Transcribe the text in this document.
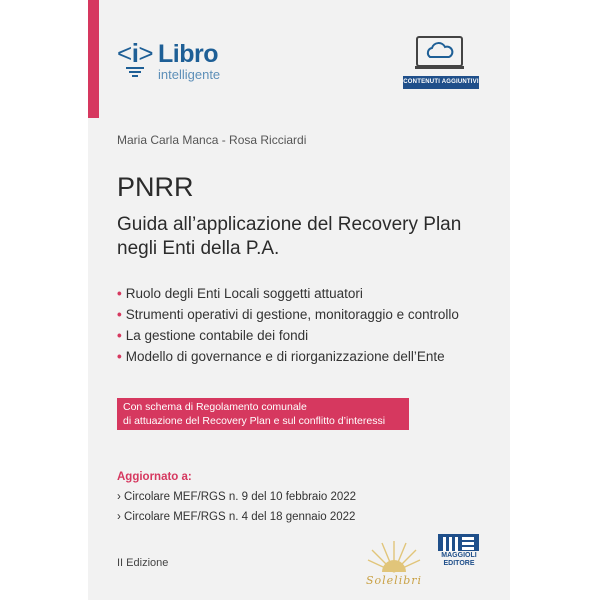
<i> Libro
intelligente	CONTENUTI AGGIUNTIVI
Maria Carla Manca - Rosa Ricciardi
PNRR
Guida all’applicazione del Recovery Plan
negli Enti della P.A.
• Ruolo degli Enti Locali soggetti attuatori
• Strumenti operativi di gestione, monitoraggio e controllo
• La gestione contabile dei fondi
• Modello di governance e di riorganizzazione dell’Ente
Con schema di Regolamento comunale
di attuazione del Recovery Plan e sul conflitto d’interessi
Aggiornato a:
› Circolare MEF/RGS n. 9 del 10 febbraio 2022
› Circolare MEF/RGS n. 4 del 18 gennaio 2022
II Edizione
Solelibri
MAGGIOLI
EDITORE
